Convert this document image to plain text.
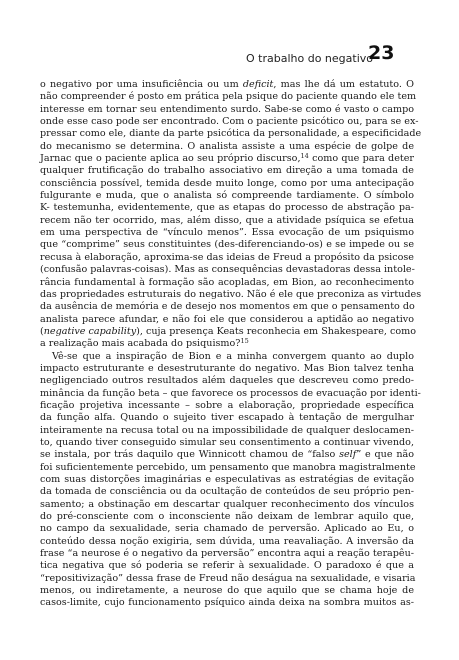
O trabalho do negativo
23
o negativo por uma insuficiência ou um deficit, mas lhe dá um estatuto. O
não compreender é posto em prática pela psique do paciente quando ele tem
interesse em tornar seu entendimento surdo. Sabe-se como é vasto o campo
onde esse caso pode ser encontrado. Com o paciente psicótico ou, para se ex-
pressar como ele, diante da parte psicótica da personalidade, a especificidade
do mecanismo se determina. O analista assiste a uma espécie de golpe de
Jarnac que o paciente aplica ao seu próprio discurso,$^{14}$ como que para deter
qualquer frutificação do trabalho associativo em direção a uma tomada de
consciência possível, temida desde muito longe, como por uma antecipação
fulgurante e muda, que o analista só compreende tardiamente. O símbolo
K- testemunha, evidentemente, que as etapas do processo de abstração pa-
recem não ter ocorrido, mas, além disso, que a atividade psíquica se efetua
em uma perspectiva de “vínculo menos”. Essa evocação de um psiquismo
que “comprime” seus constituintes (des-diferenciando-os) e se impede ou se
recusa à elaboração, aproxima-se das ideias de Freud a propósito da psicose
(confusão palavras-coisas). Mas as consequências devastadoras dessa intole-
rância fundamental à formação são acopladas, em Bion, ao reconhecimento
das propriedades estruturais do negativo. Não é ele que preconiza as virtudes
da ausência de memória e de desejo nos momentos em que o pensamento do
analista parece afundar, e não foi ele que considerou a aptidão ao negativo
(negative capability), cuja presença Keats reconhecia em Shakespeare, como
a realização mais acabada do psiquismo?$^{15}$
Vê-se que a inspiração de Bion e a minha convergem quanto ao duplo
impacto estruturante e desestruturante do negativo. Mas Bion talvez tenha
negligenciado outros resultados além daqueles que descreveu como predo-
minância da função beta – que favorece os processos de evacuação por identi-
ficação projetiva incessante – sobre a elaboração, propriedade específica
da função alfa. Quando o sujeito tiver escapado à tentação de mergulhar
inteiramente na recusa total ou na impossibilidade de qualquer deslocamen-
to, quando tiver conseguido simular seu consentimento a continuar vivendo,
se instala, por trás daquilo que Winnicott chamou de “falso self” e que não
foi suficientemente percebido, um pensamento que manobra magistralmente
com suas distorções imaginárias e especulativas as estratégias de evitação
da tomada de consciência ou da ocultação de conteúdos de seu próprio pen-
samento; a obstinação em descartar qualquer reconhecimento dos vínculos
do pré-consciente com o inconsciente não deixam de lembrar aquilo que,
no campo da sexualidade, seria chamado de perversão. Aplicado ao Eu, o
conteúdo dessa noção exigiria, sem dúvida, uma reavaliação. A inversão da
frase “a neurose é o negativo da perversão” encontra aqui a reação terapêu-
tica negativa que só poderia se referir à sexualidade. O paradoxo é que a
“repositivização” dessa frase de Freud não deságua na sexualidade, e visaria
menos, ou indiretamente, a neurose do que aquilo que se chama hoje de
casos-limite, cujo funcionamento psíquico ainda deixa na sombra muitos as-
